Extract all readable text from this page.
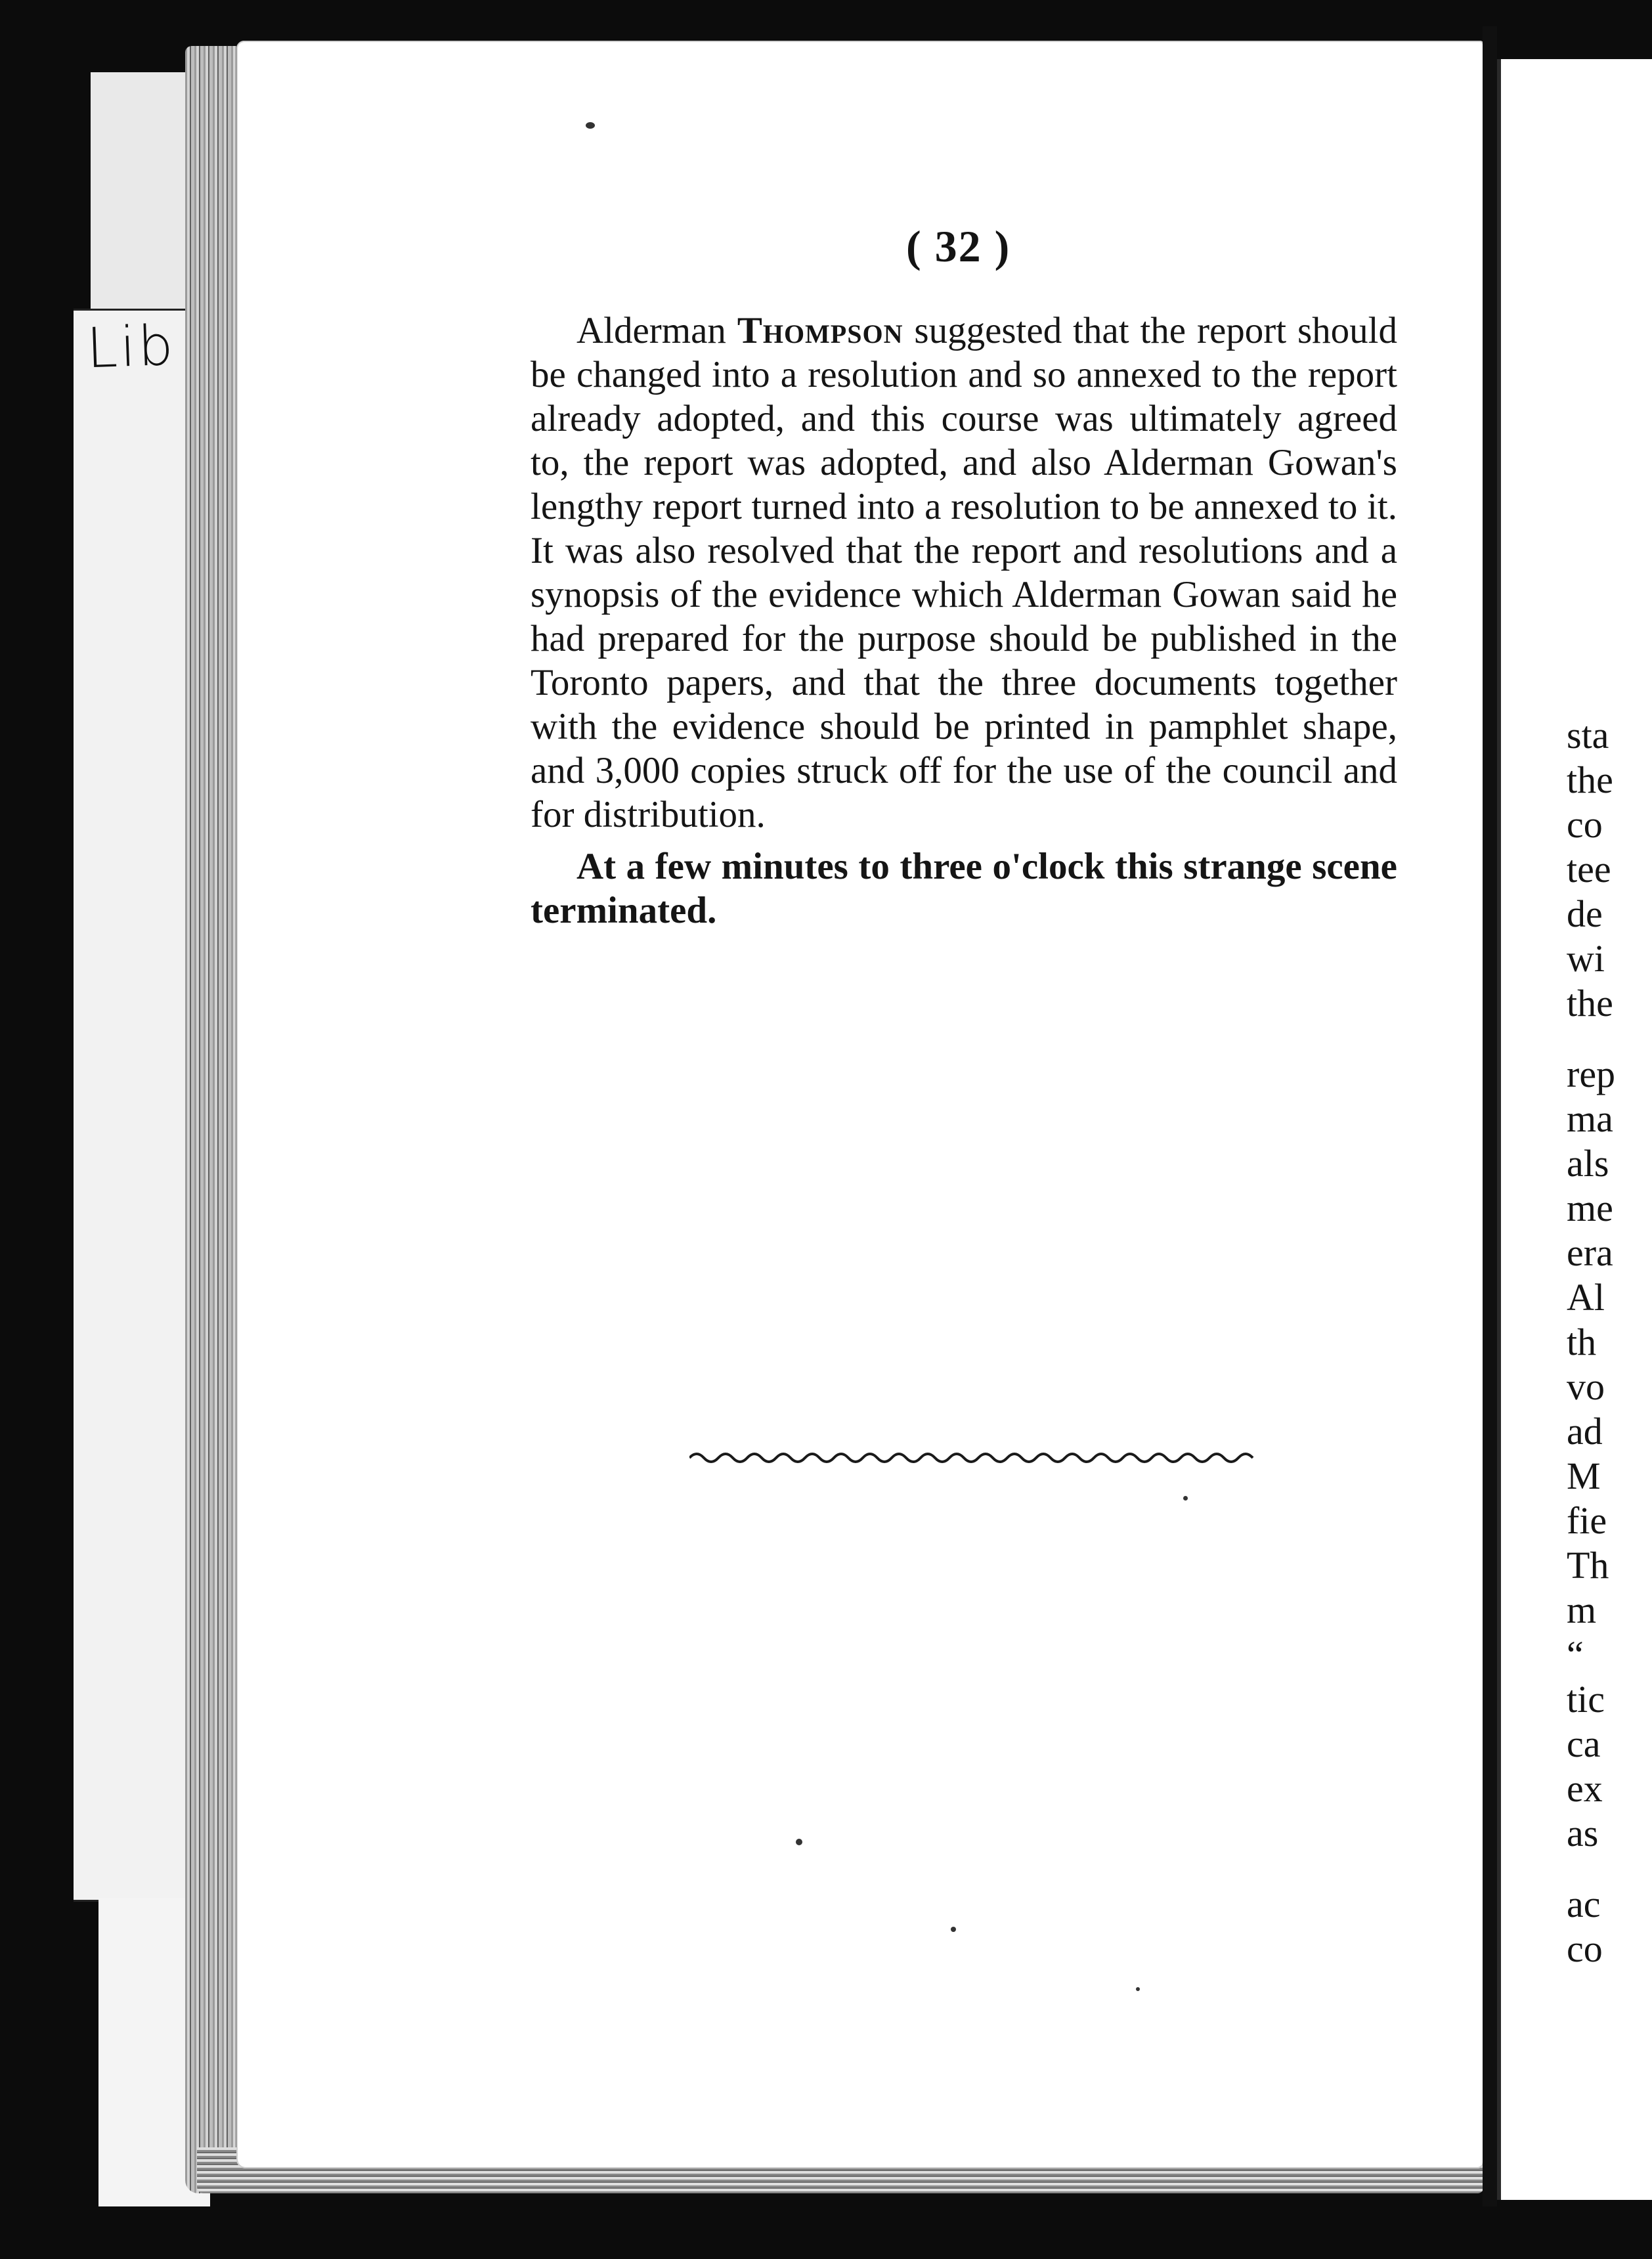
Lib
sta
the
co
tee
de
wi
the
rep
ma
als
me
era
Al
th
vo
ad
M
fie
Th
m
“
tic
ca
ex
as
ac
co
( 32 )

Alderman Thompson suggested that the report should be changed into a resolution and so annexed to the report already adopted, and this course was ultimately agreed to, the report was adopted, and also Alderman Gowan's lengthy report turned into a resolution to be annexed to it. It was also resolved that the report and resolutions and a synopsis of the evidence which Alderman Gowan said he had prepared for the purpose should be published in the Toronto papers, and that the three documents together with the evidence should be printed in pamphlet shape, and 3,000 copies struck off for the use of the council and for distribution.

At a few minutes to three o'clock this strange scene terminated.
